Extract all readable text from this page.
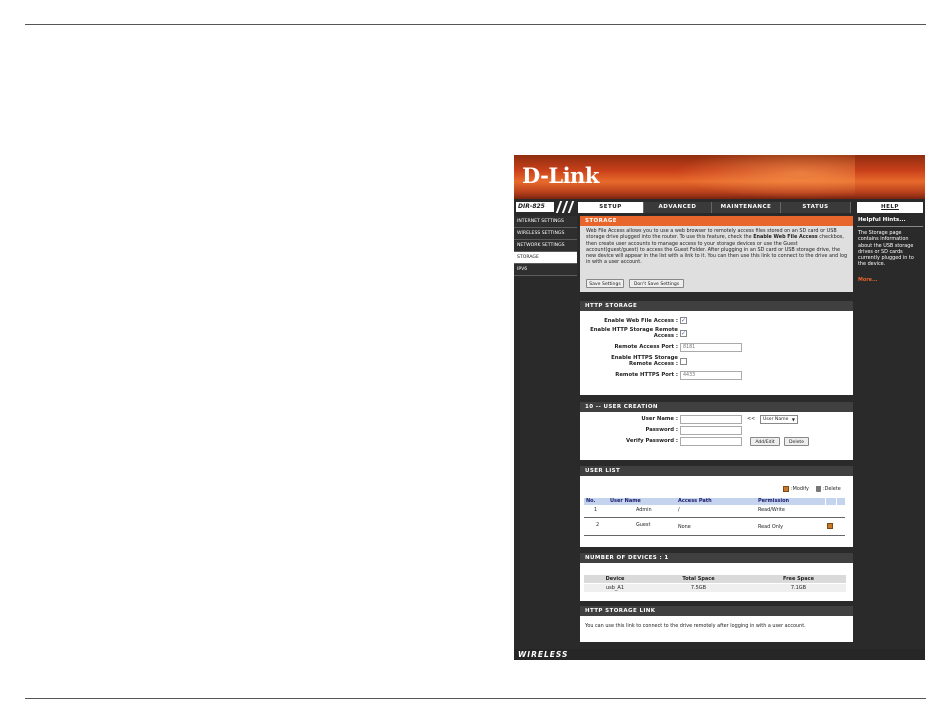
D-Link
DIR-825	SETUP	ADVANCED	MAINTENANCE	STATUS
INTERNET SETTINGS
WIRELESS SETTINGS
NETWORK SETTINGS
STORAGE
IPV6
STORAGE
Web File Access allows you to use a web browser to remotely access files stored on an SD card or USB storage drive plugged into the router. To use this feature, check the Enable Web File Access checkbox, then create user accounts to manage access to your storage devices or use the Guest account(guest/guest) to access the Guest Folder. After plugging in an SD card or USB storage drive, the new device will appear in the list with a link to it. You can then use this link to connect to the drive and log in with a user account.
Save Settings	Don't Save Settings
HTTP STORAGE
Enable Web File Access : ✓
Enable HTTP Storage Remote
Access : ✓
Remote Access Port :	8181
Enable HTTPS Storage
Remote Access :
Remote HTTPS Port :	4433
10 -- USER CREATION
User Name :	<<	User Name ▼
Password :
Verify Password :	Add/Edit	Delete
USER LIST
:Modify	:Delete
No.	User Name	Access Path	Permission
1	Admin	/	Read/Write
2	Guest	None	Read Only
NUMBER OF DEVICES : 1
Device	Total Space	Free Space
usb_A1	7.5GB	7.1GB
HTTP STORAGE LINK
You can use this link to connect to the drive remotely after logging in with a user account.
WIRELESS
HELP
Helpful Hints...
The Storage page contains information about the USB storage drives or SD cards currently plugged in to the device.
More...
